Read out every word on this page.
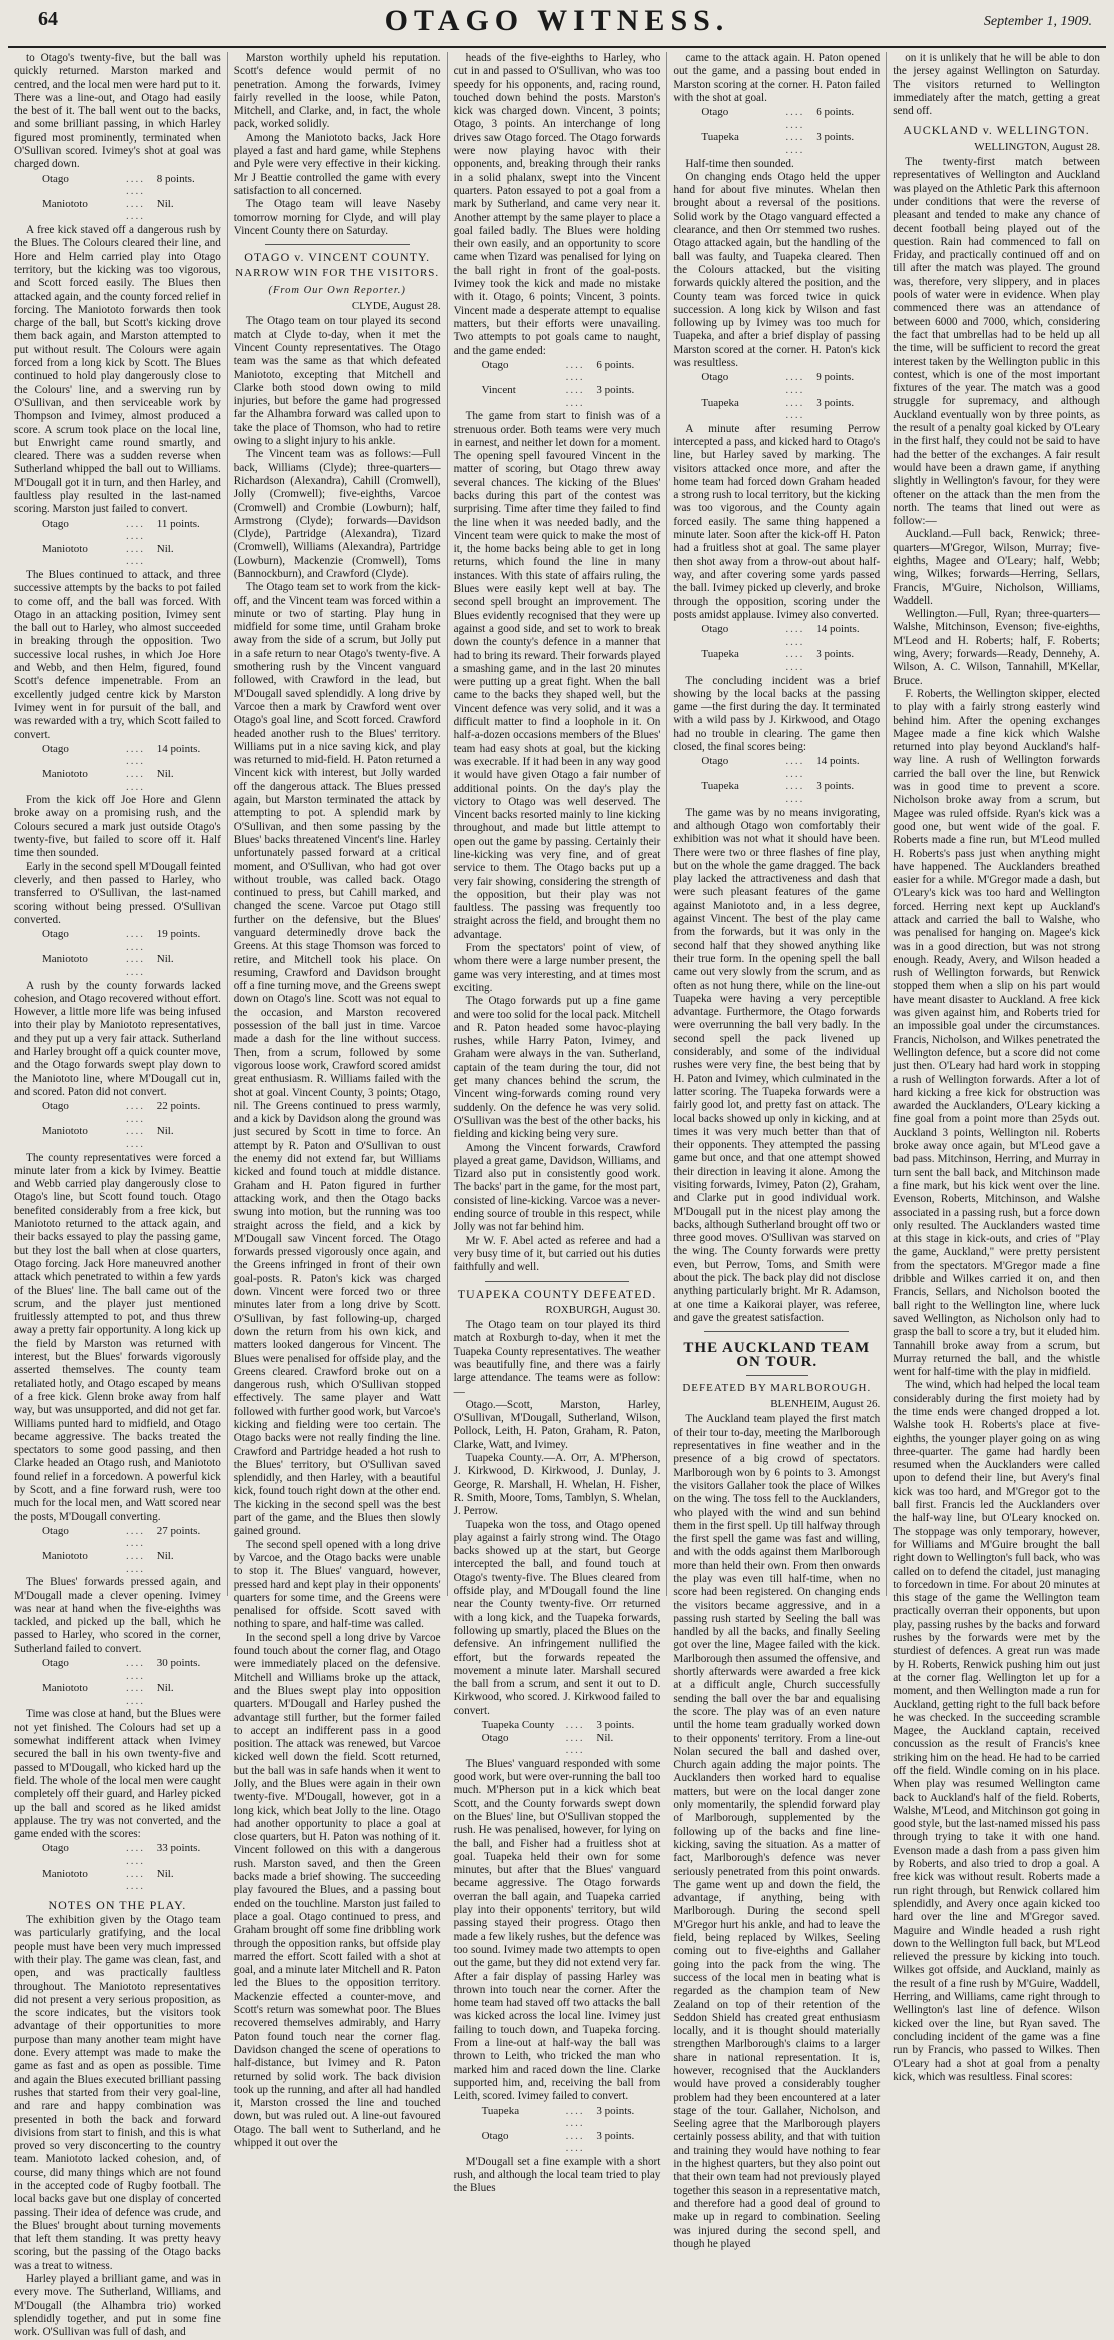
64	OTAGO WITNESS.	September 1, 1909.

to Otago's twenty-five, but the ball was quickly returned. Marston marked and centred, and the local men were hard put to it. There was a line-out, and Otago had easily the best of it. The ball went out to the backs, and some brilliant passing, in which Harley figured most prominently, terminated when O'Sullivan scored. Ivimey's shot at goal was charged down.

Otago	.... ....
8 points.
Maniototo	.... ....
Nil.

A free kick staved off a dangerous rush by the Blues. The Colours cleared their line, and Hore and Helm carried play into Otago territory, but the kicking was too vigorous, and Scott forced easily. The Blues then attacked again, and the county forced relief in forcing. The Maniototo forwards then took charge of the ball, but Scott's kicking drove them back again, and Marston attempted to put without result. The Colours were again forced from a long kick by Scott. The Blues continued to hold play dangerously close to the Colours' line, and a swerving run by O'Sullivan, and then serviceable work by Thompson and Ivimey, almost produced a score. A scrum took place on the local line, but Enwright came round smartly, and cleared. There was a sudden reverse when Sutherland whipped the ball out to Williams. M'Dougall got it in turn, and then Harley, and faultless play resulted in the last-named scoring. Marston just failed to convert.

Otago	.... ....
11 points.
Maniototo	.... ....
Nil.

The Blues continued to attack, and three successive attempts by the backs to pot failed to come off, and the ball was forced. With Otago in an attacking position, Ivimey sent the ball out to Harley, who almost succeeded in breaking through the opposition. Two successive local rushes, in which Joe Hore and Webb, and then Helm, figured, found Scott's defence impenetrable. From an excellently judged centre kick by Marston Ivimey went in for pursuit of the ball, and was rewarded with a try, which Scott failed to convert.

Otago	.... ....
14 points.
Maniototo	.... ....
Nil.

From the kick off Joe Hore and Glenn broke away on a promising rush, and the Colours secured a mark just outside Otago's twenty-five, but failed to score off it. Half time then sounded.

Early in the second spell M'Dougall feinted cleverly, and then passed to Harley, who transferred to O'Sullivan, the last-named scoring without being pressed. O'Sullivan converted.

Otago	.... ....
19 points.
Maniototo	.... ....
Nil.

A rush by the county forwards lacked cohesion, and Otago recovered without effort. However, a little more life was being infused into their play by Maniototo representatives, and they put up a very fair attack. Sutherland and Harley brought off a quick counter move, and the Otago forwards swept play down to the Maniototo line, where M'Dougall cut in, and scored. Paton did not convert.

Otago	.... ....
22 points.
Maniototo	.... ....
Nil.

The county representatives were forced a minute later from a kick by Ivimey. Beattie and Webb carried play dangerously close to Otago's line, but Scott found touch. Otago benefited considerably from a free kick, but Maniototo returned to the attack again, and their backs essayed to play the passing game, but they lost the ball when at close quarters, Otago forcing. Jack Hore maneuvred another attack which penetrated to within a few yards of the Blues' line. The ball came out of the scrum, and the player just mentioned fruitlessly attempted to pot, and thus threw away a pretty fair opportunity. A long kick up the field by Marston was returned with interest, but the Blues' forwards vigorously asserted themselves. The county team retaliated hotly, and Otago escaped by means of a free kick. Glenn broke away from half way, but was unsupported, and did not get far. Williams punted hard to midfield, and Otago became aggressive. The backs treated the spectators to some good passing, and then Clarke headed an Otago rush, and Maniototo found relief in a forcedown. A powerful kick by Scott, and a fine forward rush, were too much for the local men, and Watt scored near the posts, M'Dougall converting.

Otago	.... ....
27 points.
Maniototo	.... ....
Nil.

The Blues' forwards pressed again, and M'Dougall made a clever opening. Ivimey was near at hand when the five-eighths was tackled, and picked up the ball, which he passed to Harley, who scored in the corner, Sutherland failed to convert.

Otago	.... ....
30 points.
Maniototo	.... ....
Nil.

Time was close at hand, but the Blues were not yet finished. The Colours had set up a somewhat indifferent attack when Ivimey secured the ball in his own twenty-five and passed to M'Dougall, who kicked hard up the field. The whole of the local men were caught completely off their guard, and Harley picked up the ball and scored as he liked amidst applause. The try was not converted, and the game ended with the scores:

Otago	.... ....
33 points.
Maniototo	.... ....
Nil.
NOTES ON THE PLAY.

The exhibition given by the Otago team was particularly gratifying, and the local people must have been very much impressed with their play. The game was clean, fast, and open, and was practically faultless throughout. The Maniototo representatives did not present a very serious proposition, as the score indicates, but the visitors took advantage of their opportunities to more purpose than many another team might have done. Every attempt was made to make the game as fast and as open as possible. Time and again the Blues executed brilliant passing rushes that started from their very goal-line, and rare and happy combination was presented in both the back and forward divisions from start to finish, and this is what proved so very disconcerting to the country team. Maniototo lacked cohesion, and, of course, did many things which are not found in the accepted code of Rugby football. The local backs gave but one display of concerted passing. Their idea of defence was crude, and the Blues' brought about turning movements that left them standing. It was pretty heavy scoring, but the passing of the Otago backs was a treat to witness.

Harley played a brilliant game, and was in every move. The Sutherland, Williams, and M'Dougall (the Alhambra trio) worked splendidly together, and put in some fine work. O'Sullivan was full of dash, and

Marston worthily upheld his reputation. Scott's defence would permit of no penetration. Among the forwards, Ivimey fairly revelled in the loose, while Paton, Mitchell, and Clarke, and, in fact, the whole pack, worked solidly.

Among the Maniototo backs, Jack Hore played a fast and hard game, while Stephens and Pyle were very effective in their kicking. Mr J Beattie controlled the game with every satisfaction to all concerned.

The Otago team will leave Naseby tomorrow morning for Clyde, and will play Vincent County there on Saturday.

OTAGO v. VINCENT COUNTY.
NARROW WIN FOR THE VISITORS.
(From Our Own Reporter.)
CLYDE, August 28.

The Otago team on tour played its second match at Clyde to-day, when it met the Vincent County representatives. The Otago team was the same as that which defeated Maniototo, excepting that Mitchell and Clarke both stood down owing to mild injuries, but before the game had progressed far the Alhambra forward was called upon to take the place of Thomson, who had to retire owing to a slight injury to his ankle.

The Vincent team was as follows:—Full back, Williams (Clyde); three-quarters—Richardson (Alexandra), Cahill (Cromwell), Jolly (Cromwell); five-eighths, Varcoe (Cromwell) and Crombie (Lowburn); half, Armstrong (Clyde); forwards—Davidson (Clyde), Partridge (Alexandra), Tizard (Cromwell), Williams (Alexandra), Partridge (Lowburn), Mackenzie (Cromwell), Toms (Bannockburn), and Crawford (Clyde).

The Otago team set to work from the kick-off, and the Vincent team was forced within a minute or two of starting. Play hung in midfield for some time, until Graham broke away from the side of a scrum, but Jolly put in a safe return to near Otago's twenty-five. A smothering rush by the Vincent vanguard followed, with Crawford in the lead, but M'Dougall saved splendidly. A long drive by Varcoe then a mark by Crawford went over Otago's goal line, and Scott forced. Crawford headed another rush to the Blues' territory. Williams put in a nice saving kick, and play was returned to mid-field. H. Paton returned a Vincent kick with interest, but Jolly warded off the dangerous attack. The Blues pressed again, but Marston terminated the attack by attempting to pot. A splendid mark by O'Sullivan, and then some passing by the Blues' backs threatened Vincent's line. Harley unfortunately passed forward at a critical moment, and O'Sullivan, who had got over without trouble, was called back. Otago continued to press, but Cahill marked, and changed the scene. Varcoe put Otago still further on the defensive, but the Blues' vanguard determinedly drove back the Greens. At this stage Thomson was forced to retire, and Mitchell took his place. On resuming, Crawford and Davidson brought off a fine turning move, and the Greens swept down on Otago's line. Scott was not equal to the occasion, and Marston recovered possession of the ball just in time. Varcoe made a dash for the line without success. Then, from a scrum, followed by some vigorous loose work, Crawford scored amidst great enthusiasm. R. Williams failed with the shot at goal. Vincent County, 3 points; Otago, nil. The Greens continued to press warmly, and a kick by Davidson along the ground was just secured by Scott in time to force. An attempt by R. Paton and O'Sullivan to oust the enemy did not extend far, but Williams kicked and found touch at middle distance. Graham and H. Paton figured in further attacking work, and then the Otago backs swung into motion, but the running was too straight across the field, and a kick by M'Dougall saw Vincent forced. The Otago forwards pressed vigorously once again, and the Greens infringed in front of their own goal-posts. R. Paton's kick was charged down. Vincent were forced two or three minutes later from a long drive by Scott. O'Sullivan, by fast following-up, charged down the return from his own kick, and matters looked dangerous for Vincent. The Blues were penalised for offside play, and the Greens cleared. Crawford broke out on a dangerous rush, which O'Sullivan stopped effectively. The same player and Watt followed with further good work, but Varcoe's kicking and fielding were too certain. The Otago backs were not really finding the line. Crawford and Partridge headed a hot rush to the Blues' territory, but O'Sullivan saved splendidly, and then Harley, with a beautiful kick, found touch right down at the other end. The kicking in the second spell was the best part of the game, and the Blues then slowly gained ground.

The second spell opened with a long drive by Varcoe, and the Otago backs were unable to stop it. The Blues' vanguard, however, pressed hard and kept play in their opponents' quarters for some time, and the Greens were penalised for offside. Scott saved with nothing to spare, and half-time was called.

In the second spell a long drive by Varcoe found touch about the corner flag, and Otago were immediately placed on the defensive. Mitchell and Williams broke up the attack, and the Blues swept play into opposition quarters. M'Dougall and Harley pushed the advantage still further, but the former failed to accept an indifferent pass in a good position. The attack was renewed, but Varcoe kicked well down the field. Scott returned, but the ball was in safe hands when it went to Jolly, and the Blues were again in their own twenty-five. M'Dougall, however, got in a long kick, which beat Jolly to the line. Otago had another opportunity to place a goal at close quarters, but H. Paton was nothing of it. Vincent followed on this with a dangerous rush. Marston saved, and then the Green backs made a brief showing. The succeeding play favoured the Blues, and a passing bout ended on the touchline. Marston just failed to place a goal. Otago continued to press, and Graham brought off some fine dribbling work through the opposition ranks, but offside play marred the effort. Scott failed with a shot at goal, and a minute later Mitchell and R. Paton led the Blues to the opposition territory. Mackenzie effected a counter-move, and Scott's return was somewhat poor. The Blues recovered themselves admirably, and Harry Paton found touch near the corner flag. Davidson changed the scene of operations to half-distance, but Ivimey and R. Paton returned by solid work. The back division took up the running, and after all had handled it, Marston crossed the line and touched down, but was ruled out. A line-out favoured Otago. The ball went to Sutherland, and he whipped it out over the

heads of the five-eighths to Harley, who cut in and passed to O'Sullivan, who was too speedy for his opponents, and, racing round, touched down behind the posts. Marston's kick was charged down. Vincent, 3 points; Otago, 3 points. An interchange of long drives saw Otago forced. The Otago forwards were now playing havoc with their opponents, and, breaking through their ranks in a solid phalanx, swept into the Vincent quarters. Paton essayed to pot a goal from a mark by Sutherland, and came very near it. Another attempt by the same player to place a goal failed badly. The Blues were holding their own easily, and an opportunity to score came when Tizard was penalised for lying on the ball right in front of the goal-posts. Ivimey took the kick and made no mistake with it. Otago, 6 points; Vincent, 3 points. Vincent made a desperate attempt to equalise matters, but their efforts were unavailing. Two attempts to pot goals came to naught, and the game ended:

Otago	.... ....
6 points.
Vincent	.... ....
3 points.

The game from start to finish was of a strenuous order. Both teams were very much in earnest, and neither let down for a moment. The opening spell favoured Vincent in the matter of scoring, but Otago threw away several chances. The kicking of the Blues' backs during this part of the contest was surprising. Time after time they failed to find the line when it was needed badly, and the Vincent team were quick to make the most of it, the home backs being able to get in long returns, which found the line in many instances. With this state of affairs ruling, the Blues were easily kept well at bay. The second spell brought an improvement. The Blues evidently recognised that they were up against a good side, and set to work to break down the county's defence in a manner that had to bring its reward. Their forwards played a smashing game, and in the last 20 minutes were putting up a great fight. When the ball came to the backs they shaped well, but the Vincent defence was very solid, and it was a difficult matter to find a loophole in it. On half-a-dozen occasions members of the Blues' team had easy shots at goal, but the kicking was execrable. If it had been in any way good it would have given Otago a fair number of additional points. On the day's play the victory to Otago was well deserved. The Vincent backs resorted mainly to line kicking throughout, and made but little attempt to open out the game by passing. Certainly their line-kicking was very fine, and of great service to them. The Otago backs put up a very fair showing, considering the strength of the opposition, but their play was not faultless. The passing was frequently too straight across the field, and brought them no advantage.

From the spectators' point of view, of whom there were a large number present, the game was very interesting, and at times most exciting.

The Otago forwards put up a fine game and were too solid for the local pack. Mitchell and R. Paton headed some havoc-playing rushes, while Harry Paton, Ivimey, and Graham were always in the van. Sutherland, captain of the team during the tour, did not get many chances behind the scrum, the Vincent wing-forwards coming round very suddenly. On the defence he was very solid. O'Sullivan was the best of the other backs, his fielding and kicking being very sure.

Among the Vincent forwards, Crawford played a great game, Davidson, Williams, and Tizard also put in consistently good work. The backs' part in the game, for the most part, consisted of line-kicking. Varcoe was a never-ending source of trouble in this respect, while Jolly was not far behind him.

Mr W. F. Abel acted as referee and had a very busy time of it, but carried out his duties faithfully and well.

TUAPEKA COUNTY DEFEATED.
ROXBURGH, August 30.

The Otago team on tour played its third match at Roxburgh to-day, when it met the Tuapeka County representatives. The weather was beautifully fine, and there was a fairly large attendance. The teams were as follow:—

Otago.—Scott, Marston, Harley, O'Sullivan, M'Dougall, Sutherland, Wilson, Pollock, Leith, H. Paton, Graham, R. Paton, Clarke, Watt, and Ivimey.

Tuapeka County.—A. Orr, A. M'Pherson, J. Kirkwood, D. Kirkwood, J. Dunlay, J. George, R. Marshall, H. Whelan, H. Fisher, R. Smith, Moore, Toms, Tamblyn, S. Whelan, J. Perrow.

Tuapeka won the toss, and Otago opened play against a fairly strong wind. The Otago backs showed up at the start, but George intercepted the ball, and found touch at Otago's twenty-five. The Blues cleared from offside play, and M'Dougall found the line near the County twenty-five. Orr returned with a long kick, and the Tuapeka forwards, following up smartly, placed the Blues on the defensive. An infringement nullified the effort, but the forwards repeated the movement a minute later. Marshall secured the ball from a scrum, and sent it out to D. Kirkwood, who scored. J. Kirkwood failed to convert.

Tuapeka County	....	3 points.
Otago	.... ....
Nil.

The Blues' vanguard responded with some good work, but were over-running the ball too much. M'Pherson put in a kick which beat Scott, and the County forwards swept down on the Blues' line, but O'Sullivan stopped the rush. He was penalised, however, for lying on the ball, and Fisher had a fruitless shot at goal. Tuapeka held their own for some minutes, but after that the Blues' vanguard became aggressive. The Otago forwards overran the ball again, and Tuapeka carried play into their opponents' territory, but wild passing stayed their progress. Otago then made a few likely rushes, but the defence was too sound. Ivimey made two attempts to open out the game, but they did not extend very far. After a fair display of passing Harley was thrown into touch near the corner. After the home team had staved off two attacks the ball was kicked across the local line. Ivimey just failing to touch down, and Tuapeka forcing. From a line-out at half-way the ball was thrown to Leith, who tricked the man who marked him and raced down the line. Clarke supported him, and, receiving the ball from Leith, scored. Ivimey failed to convert.

Tuapeka	.... ....
3 points.
Otago	.... ....
3 points.

M'Dougall set a fine example with a short rush, and although the local team tried to play the Blues

came to the attack again. H. Paton opened out the game, and a passing bout ended in Marston scoring at the corner. H. Paton failed with the shot at goal.

Otago	.... ....
6 points.
Tuapeka	.... ....
3 points.

Half-time then sounded.

On changing ends Otago held the upper hand for about five minutes. Whelan then brought about a reversal of the positions. Solid work by the Otago vanguard effected a clearance, and then Orr stemmed two rushes. Otago attacked again, but the handling of the ball was faulty, and Tuapeka cleared. Then the Colours attacked, but the visiting forwards quickly altered the position, and the County team was forced twice in quick succession. A long kick by Wilson and fast following up by Ivimey was too much for Tuapeka, and after a brief display of passing Marston scored at the corner. H. Paton's kick was resultless.

Otago	.... ....
9 points.
Tuapeka	.... ....
3 points.

A minute after resuming Perrow intercepted a pass, and kicked hard to Otago's line, but Harley saved by marking. The visitors attacked once more, and after the home team had forced down Graham headed a strong rush to local territory, but the kicking was too vigorous, and the County again forced easily. The same thing happened a minute later. Soon after the kick-off H. Paton had a fruitless shot at goal. The same player then shot away from a throw-out about half-way, and after covering some yards passed the ball. Ivimey picked up cleverly, and broke through the opposition, scoring under the posts amidst applause. Ivimey also converted.

Otago	.... ....
14 points.
Tuapeka	.... ....
3 points.

The concluding incident was a brief showing by the local backs at the passing game —the first during the day. It terminated with a wild pass by J. Kirkwood, and Otago had no trouble in clearing. The game then closed, the final scores being:

Otago	.... ....
14 points.
Tuapeka	.... ....
3 points.

The game was by no means invigorating, and although Otago won comfortably their exhibition was not what it should have been. There were two or three flashes of fine play, but on the whole the game dragged. The back play lacked the attractiveness and dash that were such pleasant features of the game against Maniototo and, in a less degree, against Vincent. The best of the play came from the forwards, but it was only in the second half that they showed anything like their true form. In the opening spell the ball came out very slowly from the scrum, and as often as not hung there, while on the line-out Tuapeka were having a very perceptible advantage. Furthermore, the Otago forwards were overrunning the ball very badly. In the second spell the pack livened up considerably, and some of the individual rushes were very fine, the best being that by H. Paton and Ivimey, which culminated in the latter scoring. The Tuapeka forwards were a fairly good lot, and pretty fast on attack. The local backs showed up only in kicking, and at times it was very much better than that of their opponents. They attempted the passing game but once, and that one attempt showed their direction in leaving it alone. Among the visiting forwards, Ivimey, Paton (2), Graham, and Clarke put in good individual work. M'Dougall put in the nicest play among the backs, although Sutherland brought off two or three good moves. O'Sullivan was starved on the wing. The County forwards were pretty even, but Perrow, Toms, and Smith were about the pick. The back play did not disclose anything particularly bright. Mr R. Adamson, at one time a Kaikorai player, was referee, and gave the greatest satisfaction.

THE AUCKLAND TEAM ON TOUR.
DEFEATED BY MARLBOROUGH.
BLENHEIM, August 26.

The Auckland team played the first match of their tour to-day, meeting the Marlborough representatives in fine weather and in the presence of a big crowd of spectators. Marlborough won by 6 points to 3. Amongst the visitors Gallaher took the place of Wilkes on the wing. The toss fell to the Aucklanders, who played with the wind and sun behind them in the first spell. Up till halfway through the first spell the game was fast and willing, and with the odds against them Marlborough more than held their own. From then onwards the play was even till half-time, when no score had been registered. On changing ends the visitors became aggressive, and in a passing rush started by Seeling the ball was handled by all the backs, and finally Seeling got over the line, Magee failed with the kick. Marlborough then assumed the offensive, and shortly afterwards were awarded a free kick at a difficult angle, Church successfully sending the ball over the bar and equalising the score. The play was of an even nature until the home team gradually worked down to their opponents' territory. From a line-out Nolan secured the ball and dashed over, Church again adding the major points. The Aucklanders then worked hard to equalise matters, but were on the local danger zone only momentarily, the splendid forward play of Marlborough, supplemented by the following up of the backs and fine line-kicking, saving the situation. As a matter of fact, Marlborough's defence was never seriously penetrated from this point onwards. The game went up and down the field, the advantage, if anything, being with Marlborough. During the second spell M'Gregor hurt his ankle, and had to leave the field, being replaced by Wilkes, Seeling coming out to five-eighths and Gallaher going into the pack from the wing. The success of the local men in beating what is regarded as the champion team of New Zealand on top of their retention of the Seddon Shield has created great enthusiasm locally, and it is thought should materially strengthen Marlborough's claims to a larger share in national representation. It is, however, recognised that the Aucklanders would have proved a considerably tougher problem had they been encountered at a later stage of the tour. Gallaher, Nicholson, and Seeling agree that the Marlborough players certainly possess ability, and that with tuition and training they would have nothing to fear in the highest quarters, but they also point out that their own team had not previously played together this season in a representative match, and therefore had a good deal of ground to make up in regard to combination. Seeling was injured during the second spell, and though he played

on it is unlikely that he will be able to don the jersey against Wellington on Saturday. The visitors returned to Wellington immediately after the match, getting a great send off.

AUCKLAND v. WELLINGTON.
WELLINGTON, August 28.

The twenty-first match between representatives of Wellington and Auckland was played on the Athletic Park this afternoon under conditions that were the reverse of pleasant and tended to make any chance of decent football being played out of the question. Rain had commenced to fall on Friday, and practically continued off and on till after the match was played. The ground was, therefore, very slippery, and in places pools of water were in evidence. When play commenced there was an attendance of between 6000 and 7000, which, considering the fact that umbrellas had to be held up all the time, will be sufficient to record the great interest taken by the Wellington public in this contest, which is one of the most important fixtures of the year. The match was a good struggle for supremacy, and although Auckland eventually won by three points, as the result of a penalty goal kicked by O'Leary in the first half, they could not be said to have had the better of the exchanges. A fair result would have been a drawn game, if anything slightly in Wellington's favour, for they were oftener on the attack than the men from the north. The teams that lined out were as follow:—

Auckland.—Full back, Renwick; three-quarters—M'Gregor, Wilson, Murray; five-eighths, Magee and O'Leary; half, Webb; wing, Wilkes; forwards—Herring, Sellars, Francis, M'Guire, Nicholson, Williams, Waddell.

Wellington.—Full, Ryan; three-quarters—Walshe, Mitchinson, Evenson; five-eighths, M'Leod and H. Roberts; half, F. Roberts; wing, Avery; forwards—Ready, Dennehy, A. Wilson, A. C. Wilson, Tannahill, M'Kellar, Bruce.

F. Roberts, the Wellington skipper, elected to play with a fairly strong easterly wind behind him. After the opening exchanges Magee made a fine kick which Walshe returned into play beyond Auckland's half-way line. A rush of Wellington forwards carried the ball over the line, but Renwick was in good time to prevent a score. Nicholson broke away from a scrum, but Magee was ruled offside. Ryan's kick was a good one, but went wide of the goal. F. Roberts made a fine run, but M'Leod mulled H. Roberts's pass just when anything might have happened. The Aucklanders breathed easier for a while. M'Gregor made a dash, but O'Leary's kick was too hard and Wellington forced. Herring next kept up Auckland's attack and carried the ball to Walshe, who was penalised for hanging on. Magee's kick was in a good direction, but was not strong enough. Ready, Avery, and Wilson headed a rush of Wellington forwards, but Renwick stopped them when a slip on his part would have meant disaster to Auckland. A free kick was given against him, and Roberts tried for an impossible goal under the circumstances. Francis, Nicholson, and Wilkes penetrated the Wellington defence, but a score did not come just then. O'Leary had hard work in stopping a rush of Wellington forwards. After a lot of hard kicking a free kick for obstruction was awarded the Aucklanders, O'Leary kicking a fine goal from a point more than 25yds out. Auckland 3 points, Wellington nil. Roberts broke away once again, but M'Leod gave a bad pass. Mitchinson, Herring, and Murray in turn sent the ball back, and Mitchinson made a fine mark, but his kick went over the line. Evenson, Roberts, Mitchinson, and Walshe associated in a passing rush, but a force down only resulted. The Aucklanders wasted time at this stage in kick-outs, and cries of "Play the game, Auckland," were pretty persistent from the spectators. M'Gregor made a fine dribble and Wilkes carried it on, and then Francis, Sellars, and Nicholson booted the ball right to the Wellington line, where luck saved Wellington, as Nicholson only had to grasp the ball to score a try, but it eluded him. Tannahill broke away from a scrum, but Murray returned the ball, and the whistle went for half-time with the play in midfield.

The wind, which had helped the local team considerably during the first moiety had by the time ends were changed dropped a lot. Walshe took H. Roberts's place at five-eighths, the younger player going on as wing three-quarter. The game had hardly been resumed when the Aucklanders were called upon to defend their line, but Avery's final kick was too hard, and M'Gregor got to the ball first. Francis led the Aucklanders over the half-way line, but O'Leary knocked on. The stoppage was only temporary, however, for Williams and M'Guire brought the ball right down to Wellington's full back, who was called on to defend the citadel, just managing to forcedown in time. For about 20 minutes at this stage of the game the Wellington team practically overran their opponents, but upon play, passing rushes by the backs and forward rushes by the forwards were met by the sturdiest of defences. A great run was made by H. Roberts, Renwick pushing him out just at the corner flag. Wellington let up for a moment, and then Wellington made a run for Auckland, getting right to the full back before he was checked. In the succeeding scramble Magee, the Auckland captain, received concussion as the result of Francis's knee striking him on the head. He had to be carried off the field. Windle coming on in his place. When play was resumed Wellington came back to Auckland's half of the field. Roberts, Walshe, M'Leod, and Mitchinson got going in good style, but the last-named missed his pass through trying to take it with one hand. Evenson made a dash from a pass given him by Roberts, and also tried to drop a goal. A free kick was without result. Roberts made a run right through, but Renwick collared him splendidly, and Avery once again kicked too hard over the line and M'Gregor saved. Maguire and Windle headed a rush right down to the Wellington full back, but M'Leod relieved the pressure by kicking into touch. Wilkes got offside, and Auckland, mainly as the result of a fine rush by M'Guire, Waddell, Herring, and Williams, came right through to Wellington's last line of defence. Wilson kicked over the line, but Ryan saved. The concluding incident of the game was a fine run by Francis, who passed to Wilkes. Then O'Leary had a shot at goal from a penalty kick, which was resultless. Final scores:
